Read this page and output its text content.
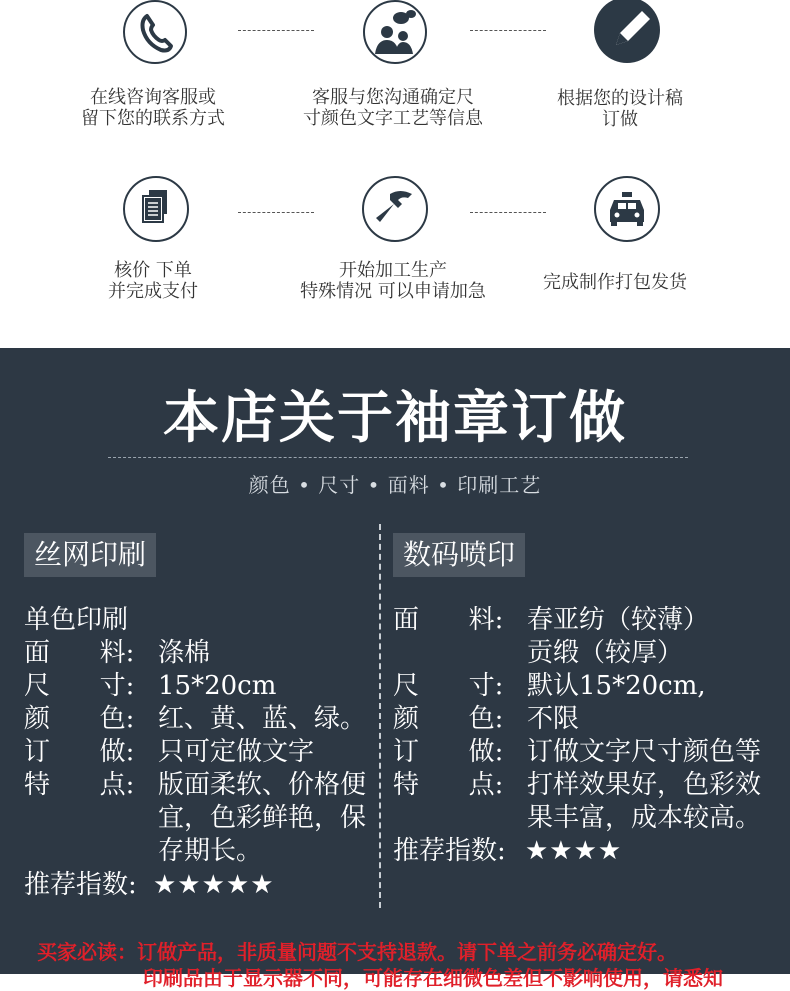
在线咨询客服或
留下您的联系方式
客服与您沟通确定尺
寸颜色文字工艺等信息
根据您的设计稿
订做
核价 下单
并完成支付
开始加工生产
特殊情况 可以申请加急	完成制作打包发货
本店关于袖章订做
颜色 • 尺寸 • 面料 • 印刷工艺
丝网印刷
单色印刷
面      料: 涤棉
尺      寸: 15*20cm
颜      色: 红、黄、蓝、绿。
订      做: 只可定做文字
特      点: 版面柔软、价格便
宜，色彩鲜艳，保
存期长。
推荐指数: ★★★★★
数码喷印
面      料: 春亚纺（较薄）
贡缎（较厚）
尺      寸: 默认15*20cm,
颜      色: 不限
订      做: 订做文字尺寸颜色等
特      点: 打样效果好，色彩效
果丰富，成本较高。
推荐指数: ★★★★
买家必读：订做产品，非质量问题不支持退款。请下单之前务必确定好。
印刷品由于显示器不同，可能存在细微色差但不影响使用，请悉知
